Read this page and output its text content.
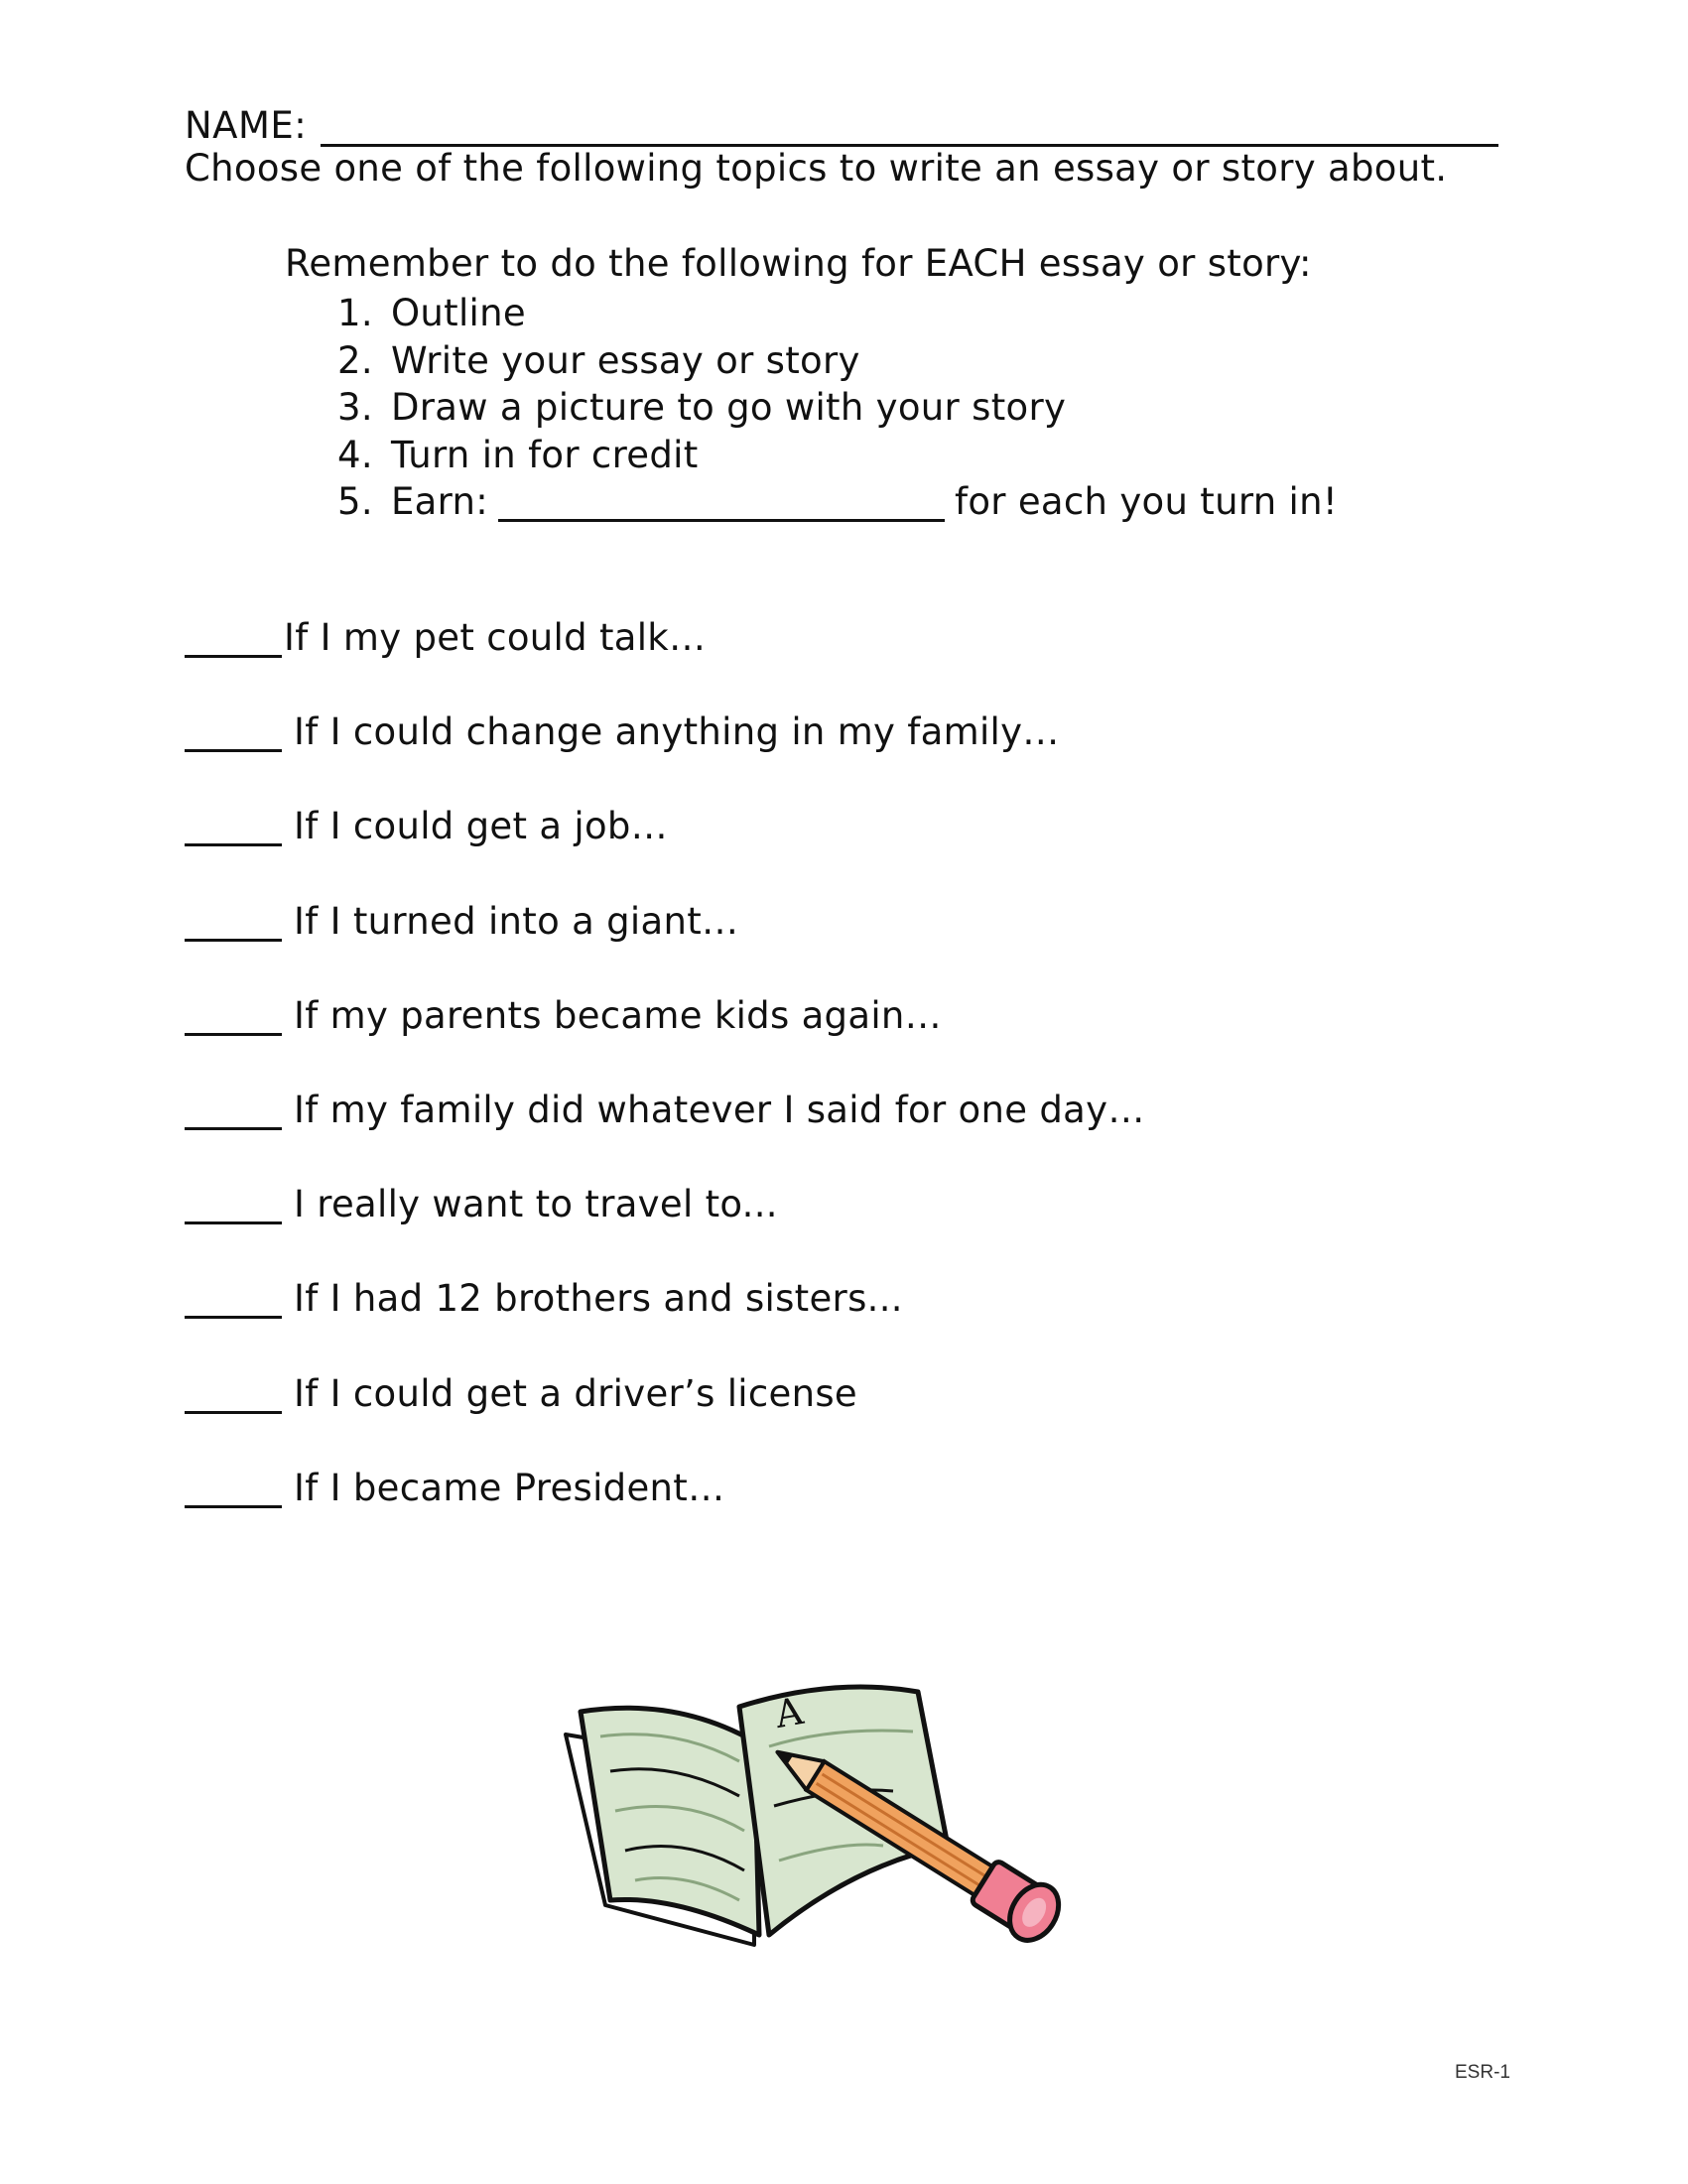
NAME:
Choose one of the following topics to write an essay or story about.
Remember to do the following for EACH essay or story:
1. Outline
2. Write your essay or story
3. Draw a picture to go with your story
4. Turn in for credit
5. Earn:	for each you turn in!
If I my pet could talk…
If I could change anything in my family…
If I could get a job…
If I turned into a giant…
If my parents became kids again…
If my family did whatever I said for one day…
I really want to travel to...
If I had 12 brothers and sisters...
If I could get a driver’s license
If I became President…
A
ESR-1
